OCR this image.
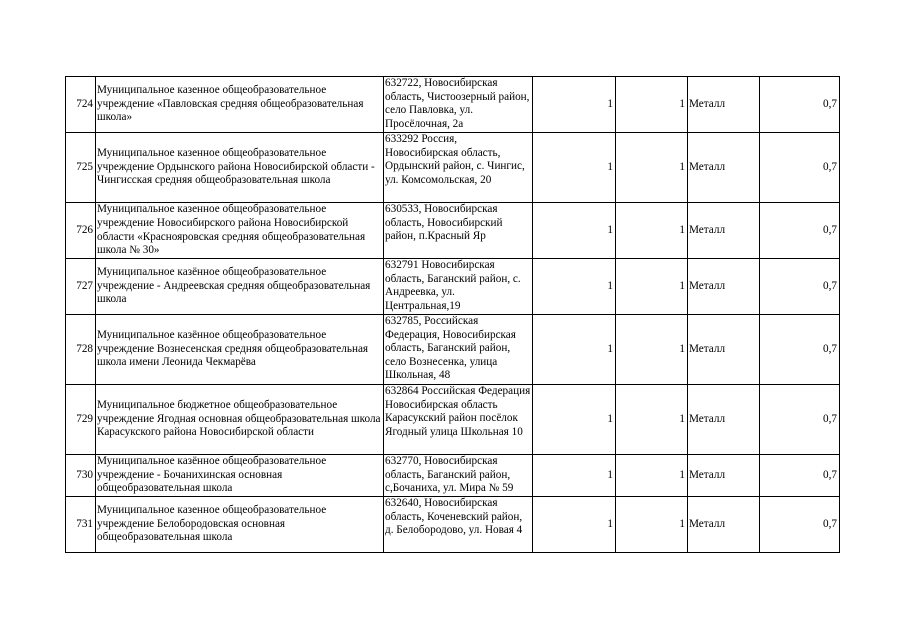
724	Муниципальное казенное общеобразовательное учреждение «Павловская средняя общеобразовательная школа»	632722, Новосибирская область, Чистоозерный район, село Павловка, ул. Просёлочная, 2а	1	1	Металл	0,7
725	Муниципальное казенное общеобразовательное учреждение Ордынского района Новосибирской области - Чингисская средняя общеобразовательная школа	633292 Россия, Новосибирская область, Ордынский район, с. Чингис, ул. Комсомольская, 20	1	1	Металл	0,7
726	Муниципальное казенное общеобразовательное учреждение Новосибирского района Новосибирской области «Краснояровская средняя общеобразовательная школа № 30»	630533, Новосибирская область, Новосибирский район, п.Красный Яр	1	1	Металл	0,7
727	Муниципальное казённое общеобразовательное учреждение - Андреевская средняя общеобразовательная школа	632791 Новосибирская область, Баганский район, с. Андреевка, ул. Центральная,19	1	1	Металл	0,7
728	Муниципальное казённое общеобразовательное учреждение Вознесенская средняя общеобразовательная школа имени Леонида Чекмарёва	632785, Российская Федерация, Новосибирская область, Баганский район, село Вознесенка, улица Школьная, 48	1	1	Металл	0,7
729	Муниципальное бюджетное общеобразовательное учреждение Ягодная основная общеобразовательная школа Карасукского района Новосибирской области	632864 Российская Федерация Новосибирская область Карасукский район посёлок Ягодный улица Школьная 10	1	1	Металл	0,7
730	Муниципальное казённое общеобразовательное учреждение - Бочанихинская основная общеобразовательная школа	632770, Новосибирская область, Баганский район, с,Бочаниха, ул. Мира № 59	1	1	Металл	0,7
731	Муниципальное казенное общеобразовательное учреждение Белобородовская основная общеобразовательная школа	632640, Новосибирская область, Коченевский район, д. Белобородово, ул. Новая 4	1	1	Металл	0,7
